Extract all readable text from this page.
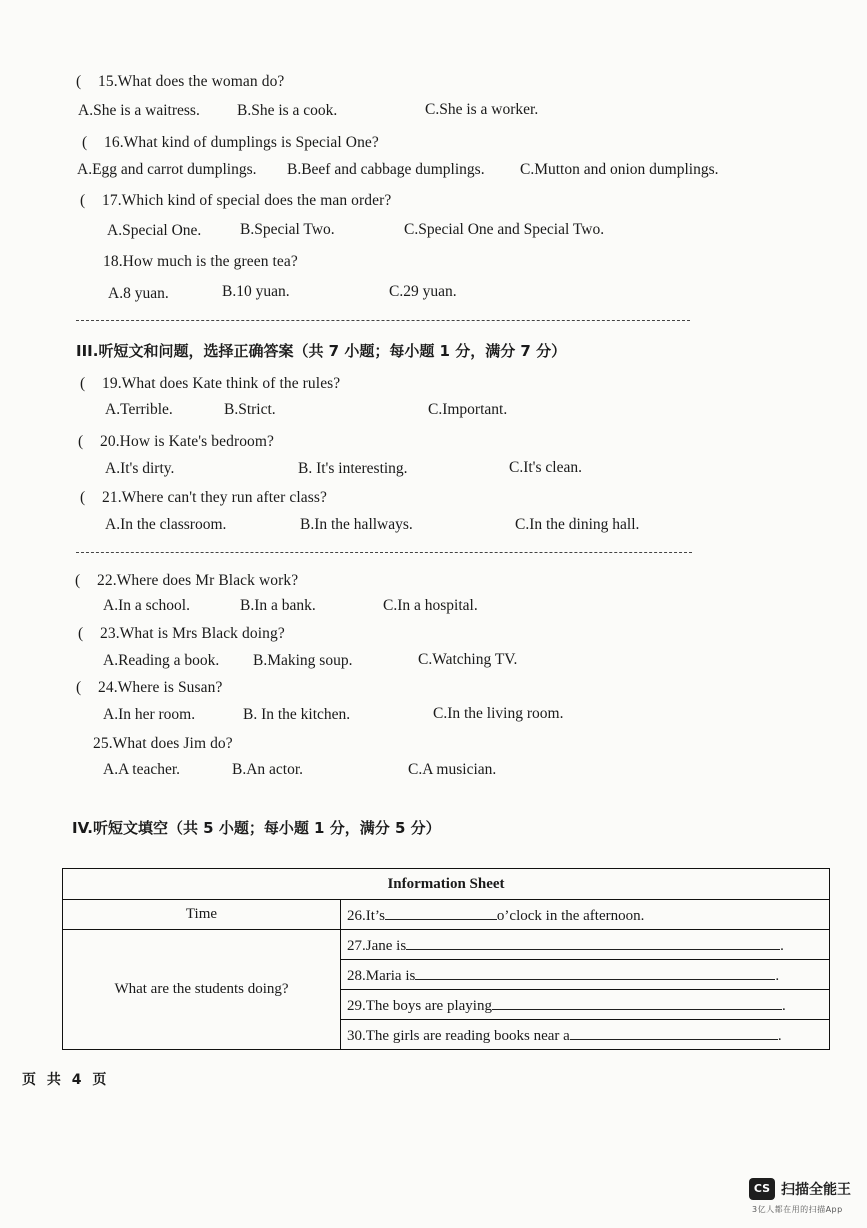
( 15.What does the woman do?
A.She is a waitress. B.She is a cook.	C.She is a worker.
( 16.What kind of dumplings is Special One?
A.Egg and carrot dumplings. B.Beef and cabbage dumplings. C.Mutton and onion dumplings.
( 17.Which kind of special does the man order?
A.Special One. B.Special Two.	C.Special One and Special Two.
18.How much is the green tea?
A.8 yuan.	B.10 yuan.	C.29 yuan.
III.听短文和问题，选择正确答案（共 7 小题；每小题 1 分，满分 7 分）
( 19.What does Kate think of the rules?
A.Terrible.	B.Strict.	C.Important.
( 20.How is Kate's bedroom?
A.It's dirty.	B. It's interesting.	C.It's clean.
( 21.Where can't they run after class?
A.In the classroom.	B.In the hallways.	C.In the dining hall.
( 22.Where does Mr Black work?
A.In a school.	B.In a bank.	C.In a hospital.
( 23.What is Mrs Black doing?
A.Reading a book. B.Making soup.	C.Watching TV.
( 24.Where is Susan?
A.In her room.	B. In the kitchen.	C.In the living room.
25.What does Jim do?
A.A teacher.	B.An actor.	C.A musician.
IV.听短文填空（共 5 小题；每小题 1 分，满分 5 分）
Information Sheet	
Time	26.It’s o’clock in the afternoon.
What are the students doing?	27.Jane is .
	28.Maria is .
	29.The boys are playing .
	30.The girls are reading books near a .
页 共 4 页
CS 扫描全能王
3亿人都在用的扫描App
